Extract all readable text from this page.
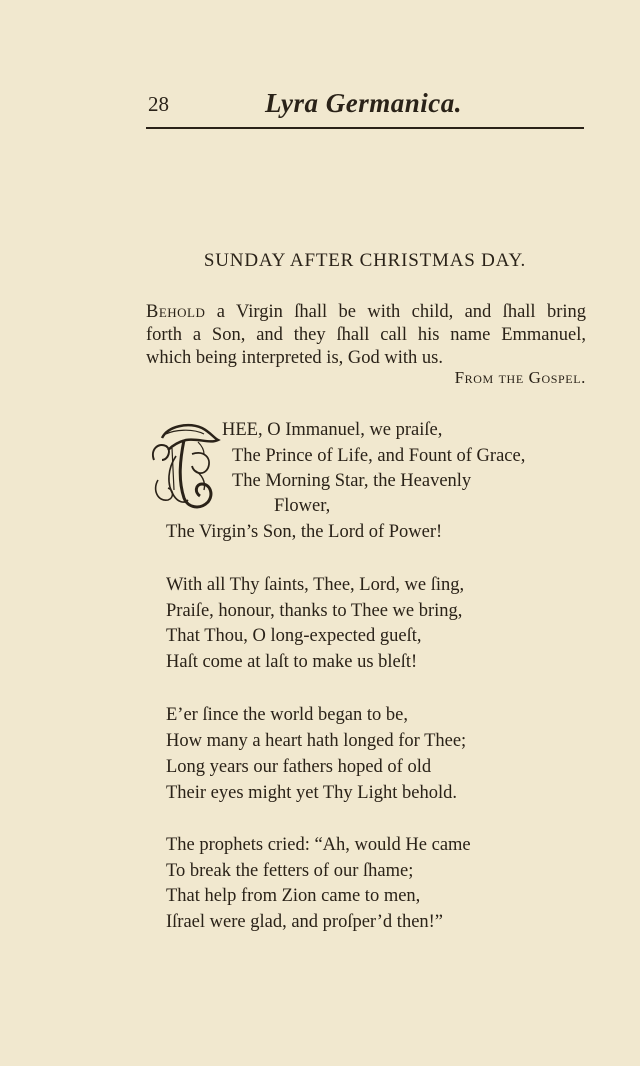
28	Lyra Germanica.
SUNDAY AFTER CHRISTMAS DAY.
Behold a Virgin ſhall be with child, and ſhall bring
forth a Son, and they ſhall call his name Emmanuel,
which being interpreted is, God with us.
From the Gospel.
HEE, O Immanuel, we praiſe,
The Prince of Life, and Fount of Grace,
The Morning Star, the Heavenly
Flower,
The Virgin’s Son, the Lord of Power!
With all Thy ſaints, Thee, Lord, we ſing,
Praiſe, honour, thanks to Thee we bring,
That Thou, O long-expected gueſt,
Haſt come at laſt to make us bleſt!
E’er ſince the world began to be,
How many a heart hath longed for Thee;
Long years our fathers hoped of old
Their eyes might yet Thy Light behold.
The prophets cried: “Ah, would He came
To break the fetters of our ſhame;
That help from Zion came to men,
Iſrael were glad, and proſper’d then!”
